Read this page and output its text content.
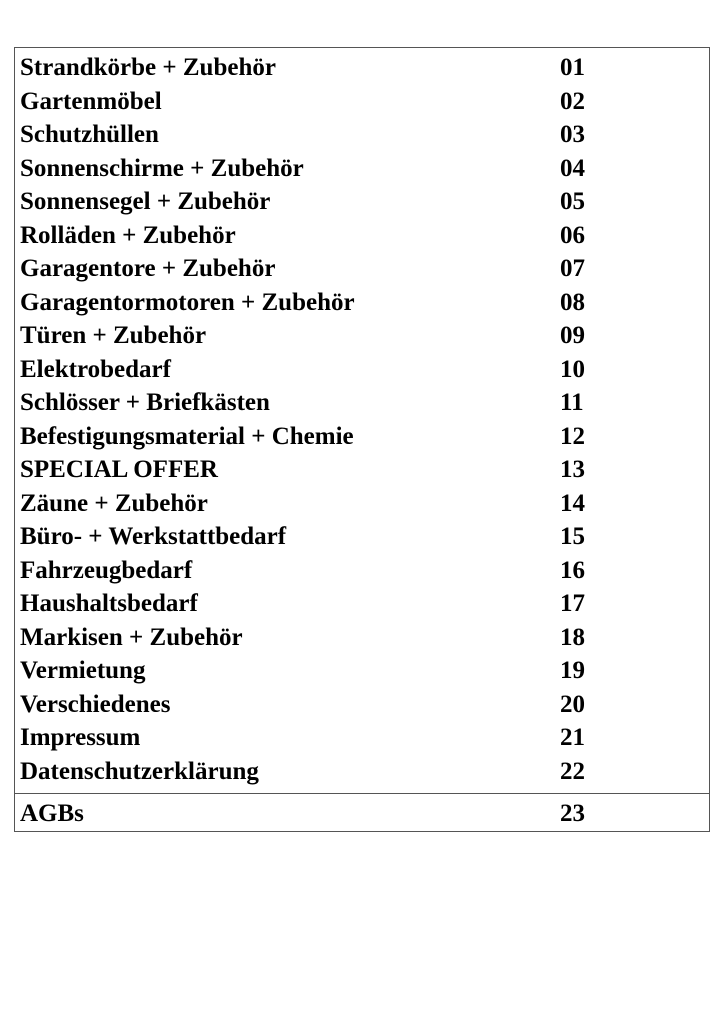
Strandkörbe + Zubehör	01
Gartenmöbel	02
Schutzhüllen	03
Sonnenschirme + Zubehör	04
Sonnensegel + Zubehör	05
Rolläden + Zubehör	06
Garagentore + Zubehör	07
Garagentormotoren + Zubehör	08
Türen + Zubehör	09
Elektrobedarf	10
Schlösser + Briefkästen	11
Befestigungsmaterial + Chemie	12
SPECIAL OFFER	13
Zäune + Zubehör	14
Büro- + Werkstattbedarf	15
Fahrzeugbedarf	16
Haushaltsbedarf	17
Markisen + Zubehör	18
Vermietung	19
Verschiedenes	20
Impressum	21
Datenschutzerklärung	22
AGBs	23
